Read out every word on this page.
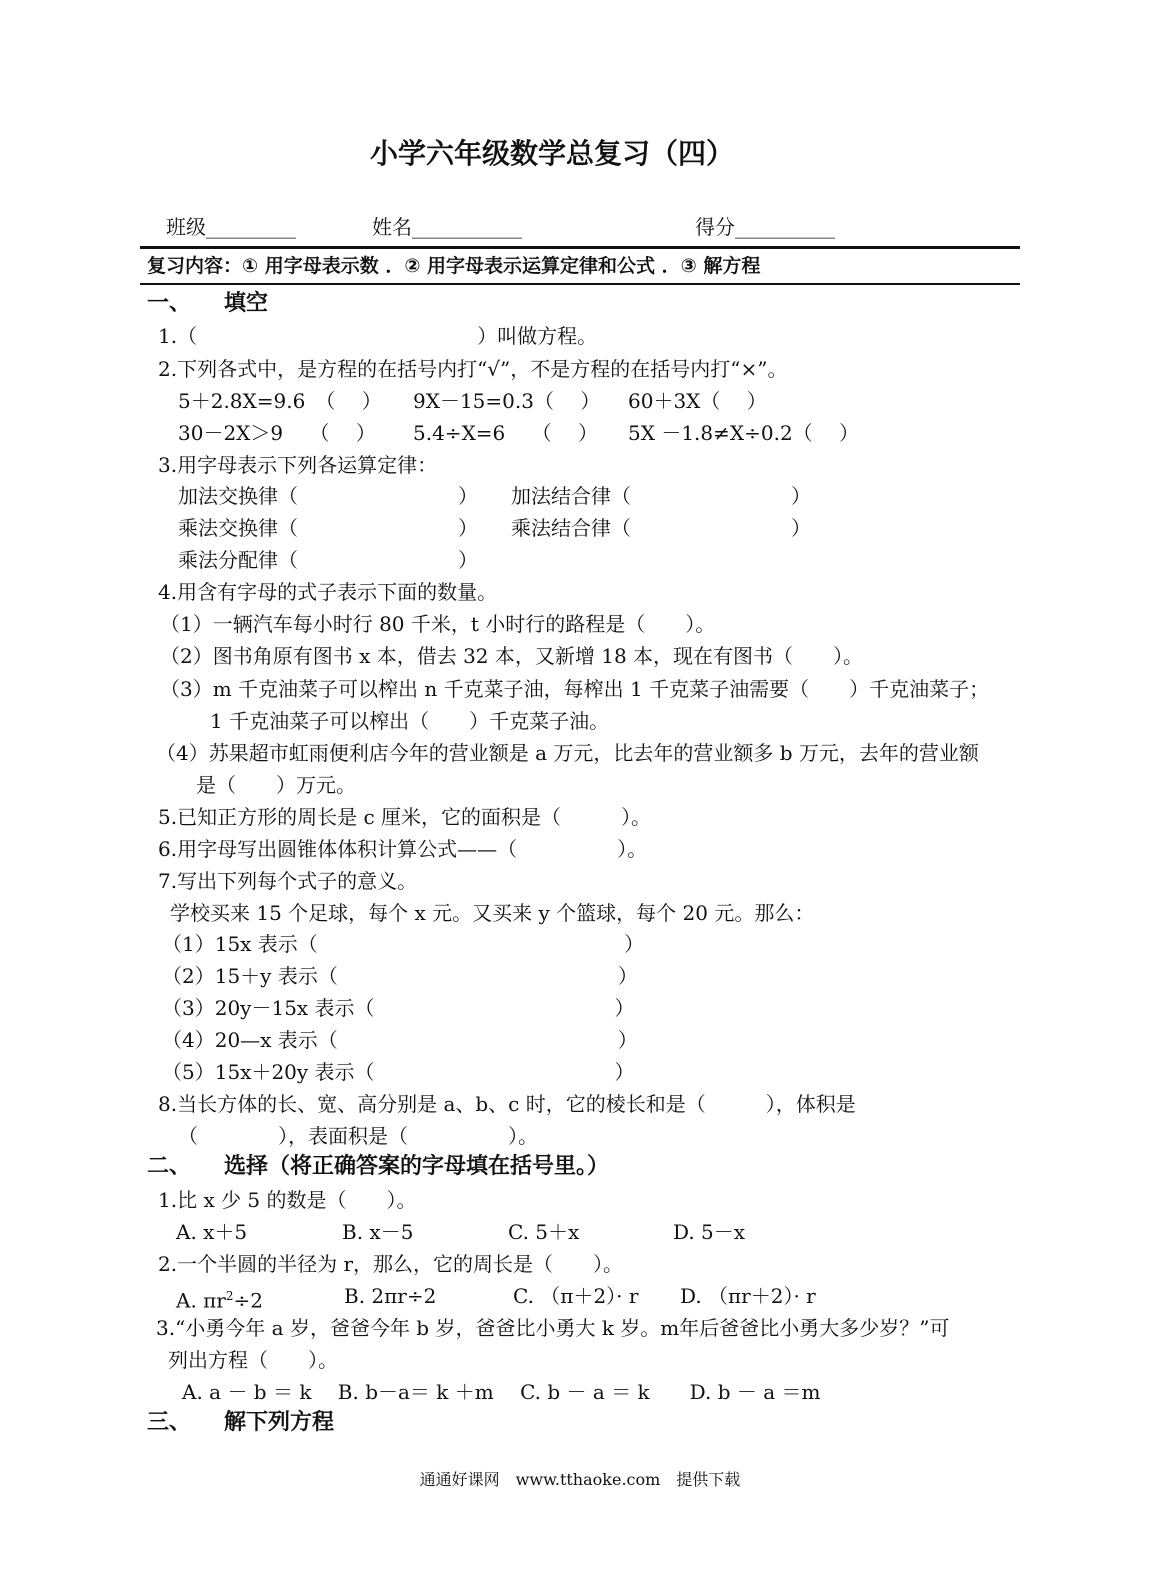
小学六年级数学总复习（四）
班级_________	姓名___________	得分__________
复习内容：① 用字母表示数 ．② 用字母表示运算定律和公式 ．③ 解方程
一、　　填空
1.（　　　　　　　　　　　　　　）叫做方程。
2.下列各式中，是方程的在括号内打“√”，不是方程的在括号内打“×”。
5＋2.8X=9.6　（　 ） 9X－15=0.3（　 ） 60＋3X（　 ）
30－2X＞9　 （　 ） 5.4÷X=6　 （　 ） 5X －1.8≠X÷0.2（　 ）
3.用字母表示下列各运算定律：
加法交换律（　　　　　　　　） 加法结合律（　　　　　　　　）
乘法交换律（　　　　　　　　） 乘法结合律（　　　　　　　　）
乘法分配律（　　　　　　　　）
4.用含有字母的式子表示下面的数量。
（1）一辆汽车每小时行 80 千米，t 小时行的路程是（　　）。
（2）图书角原有图书 x 本，借去 32 本，又新增 18 本，现在有图书（　　）。
（3）m 千克油菜子可以榨出 n 千克菜子油，每榨出 1 千克菜子油需要（　　）千克油菜子；
1 千克油菜子可以榨出（　　）千克菜子油。
（4）苏果超市虹雨便利店今年的营业额是 a 万元，比去年的营业额多 b 万元，去年的营业额
是（　　）万元。
5.已知正方形的周长是 c 厘米，它的面积是（　　　）。
6.用字母写出圆锥体体积计算公式——（　　　　　）。
7.写出下列每个式子的意义。
学校买来 15 个足球，每个 x 元。又买来 y 个篮球，每个 20 元。那么：
（1）15x 表示（　　　　　　　　　　　　　　　 ）
（2）15＋y 表示（　　　　　　　　　　　　　　）
（3）20y－15x 表示（　　　　　　　　　　　　）
（4）20—x 表示（　　　　　　　　　　　　　　）
（5）15x＋20y 表示（　　　　　　　　　　　　）
8.当长方体的长、宽、高分别是 a、b、c 时，它的棱长和是（　　　），体积是
（　　　　），表面积是（　　　　　）。
二、　　选择（将正确答案的字母填在括号里。）
1.比 x 少 5 的数是（　　）。
A. x＋5	B. x－5	C. 5＋x	D. 5－x
2.一个半圆的半径为 r，那么，它的周长是（　　）。
A. $\pi r^2\div 2$	B. 2πr÷2	C. （π＋2）· r D. （πr＋2）· r
3.“小勇今年 a 岁，爸爸今年 b 岁，爸爸比小勇大 k 岁。m年后爸爸比小勇大多少岁？”可
列出方程（　　）。
A. a － b ＝ k　 B. b－a＝ k ＋m　 C. b － a ＝ k　　D. b － a ＝m
三、　　解下列方程
通通好课网　www.tthaoke.com　提供下载
